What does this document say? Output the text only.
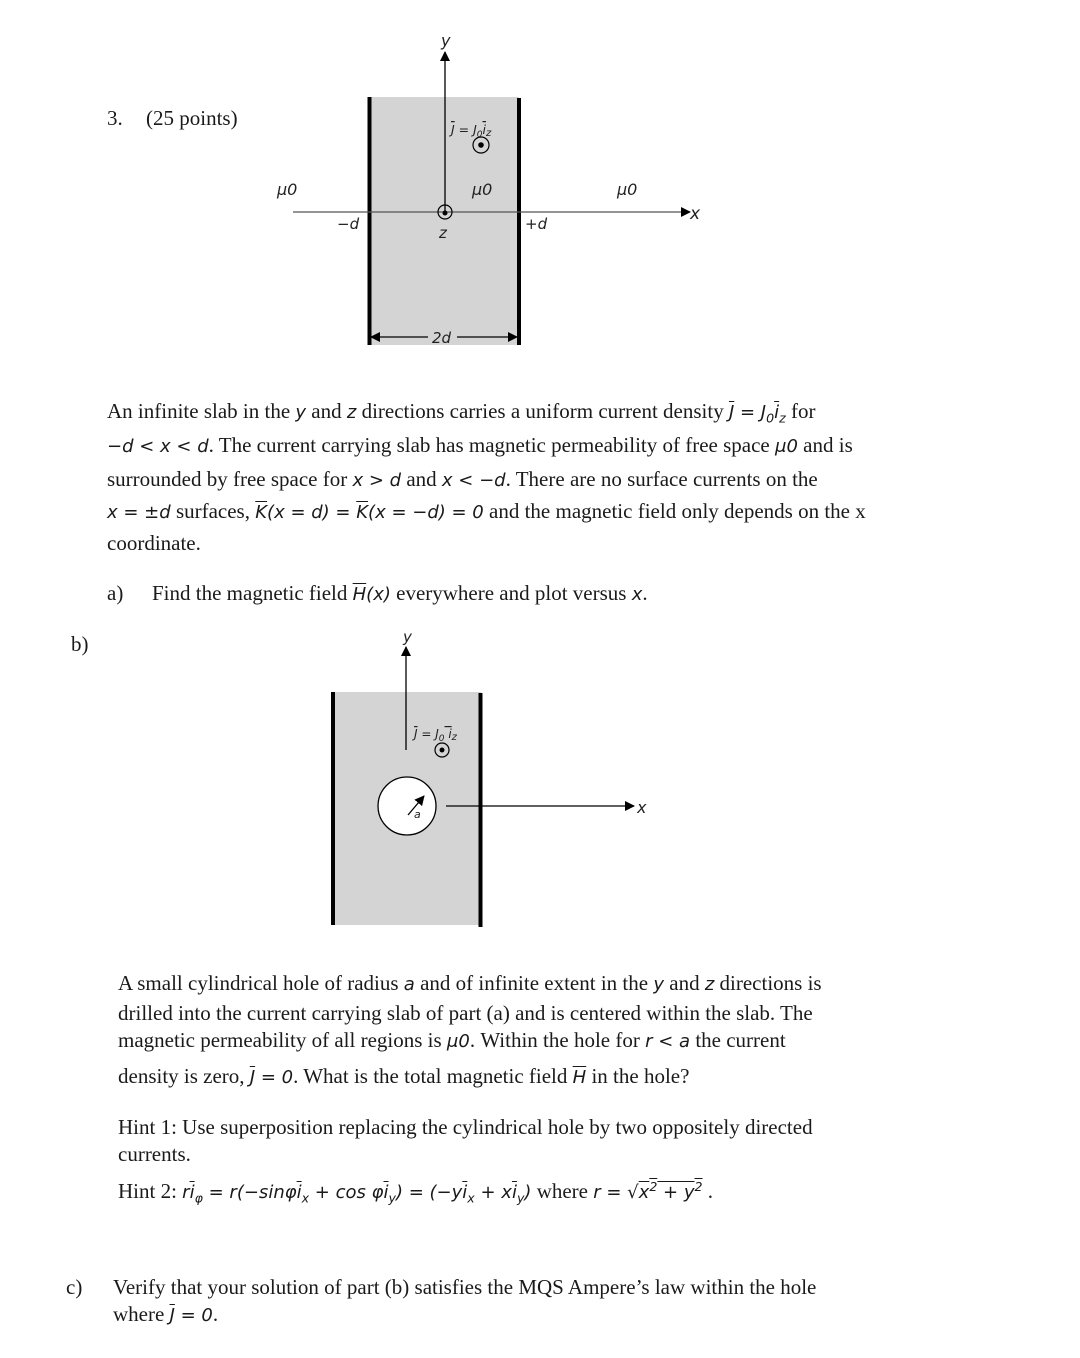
3. (25 points)
y
x
z
$J = J_0iz$
μ0	μ0	μ0
−d	+d
2d
An infinite slab in the y and z directions carries a uniform current density $\overline{J} = J_0\overline{i}_z$ for
−d < x < d. The current carrying slab has magnetic permeability of free space μ0 and is
surrounded by free space for x > d and x < −d. There are no surface currents on the
x = ±d surfaces, $\overline{K}(x = d) = \overline{K}(x = -d) = 0$ and the magnetic field only depends on the x
coordinate.
a) Find the magnetic field $\overline{H}(x)$ everywhere and plot versus x.
b)
a
y
x
$J = J_0$ iz
A small cylindrical hole of radius a and of infinite extent in the y and z directions is
drilled into the current carrying slab of part (a) and is centered within the slab. The
magnetic permeability of all regions is μ0. Within the hole for r < a the current
density is zero, $\overline{J} = 0$. What is the total magnetic field $\overline{H}$ in the hole?
Hint 1: Use superposition replacing the cylindrical hole by two oppositely directed
currents.
Hint 2: $r\overline{i}_\varphi = r(-\sin\varphi\overline{i}_x + \cos \varphi\overline{i}_y) = (-y\overline{i}_x + x\overline{i}_y)$ where $r = √x^2 + y^2$ .
c) Verify that your solution of part (b) satisfies the MQS Ampere’s law within the hole
where $\overline{J} = 0$.
